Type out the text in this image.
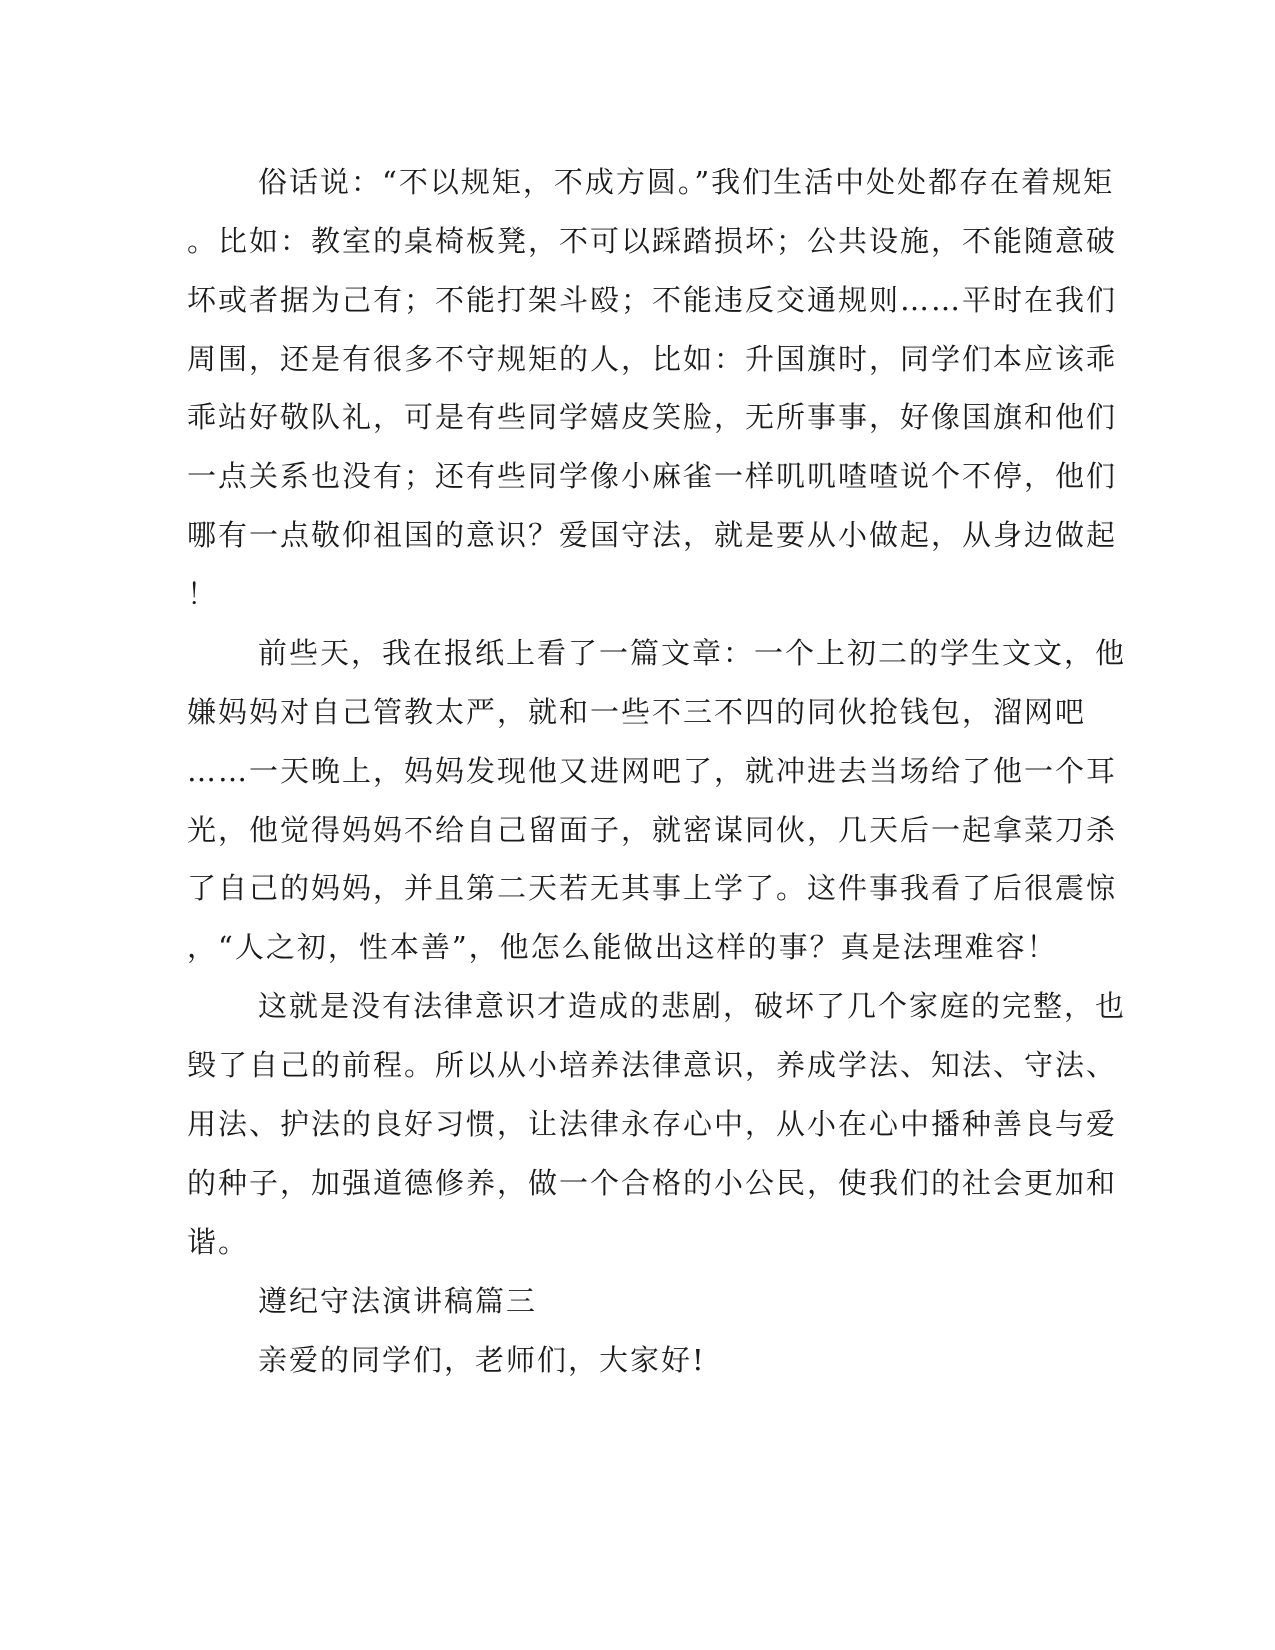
俗话说：“不以规矩，不成方圆。”我们生活中处处都存在着规矩
。比如：教室的桌椅板凳，不可以踩踏损坏；公共设施，不能随意破
坏或者据为己有；不能打架斗殴；不能违反交通规则……平时在我们
周围，还是有很多不守规矩的人，比如：升国旗时，同学们本应该乖
乖站好敬队礼，可是有些同学嬉皮笑脸，无所事事，好像国旗和他们
一点关系也没有；还有些同学像小麻雀一样叽叽喳喳说个不停，他们
哪有一点敬仰祖国的意识？爱国守法，就是要从小做起，从身边做起
！
前些天，我在报纸上看了一篇文章：一个上初二的学生文文，他
嫌妈妈对自己管教太严，就和一些不三不四的同伙抢钱包，溜网吧
……一天晚上，妈妈发现他又进网吧了，就冲进去当场给了他一个耳
光，他觉得妈妈不给自己留面子，就密谋同伙，几天后一起拿菜刀杀
了自己的妈妈，并且第二天若无其事上学了。这件事我看了后很震惊
，“人之初，性本善”，他怎么能做出这样的事？真是法理难容！
这就是没有法律意识才造成的悲剧，破坏了几个家庭的完整，也
毁了自己的前程。所以从小培养法律意识，养成学法、知法、守法、
用法、护法的良好习惯，让法律永存心中，从小在心中播种善良与爱
的种子，加强道德修养，做一个合格的小公民，使我们的社会更加和
谐。
遵纪守法演讲稿篇三
亲爱的同学们，老师们，大家好!
